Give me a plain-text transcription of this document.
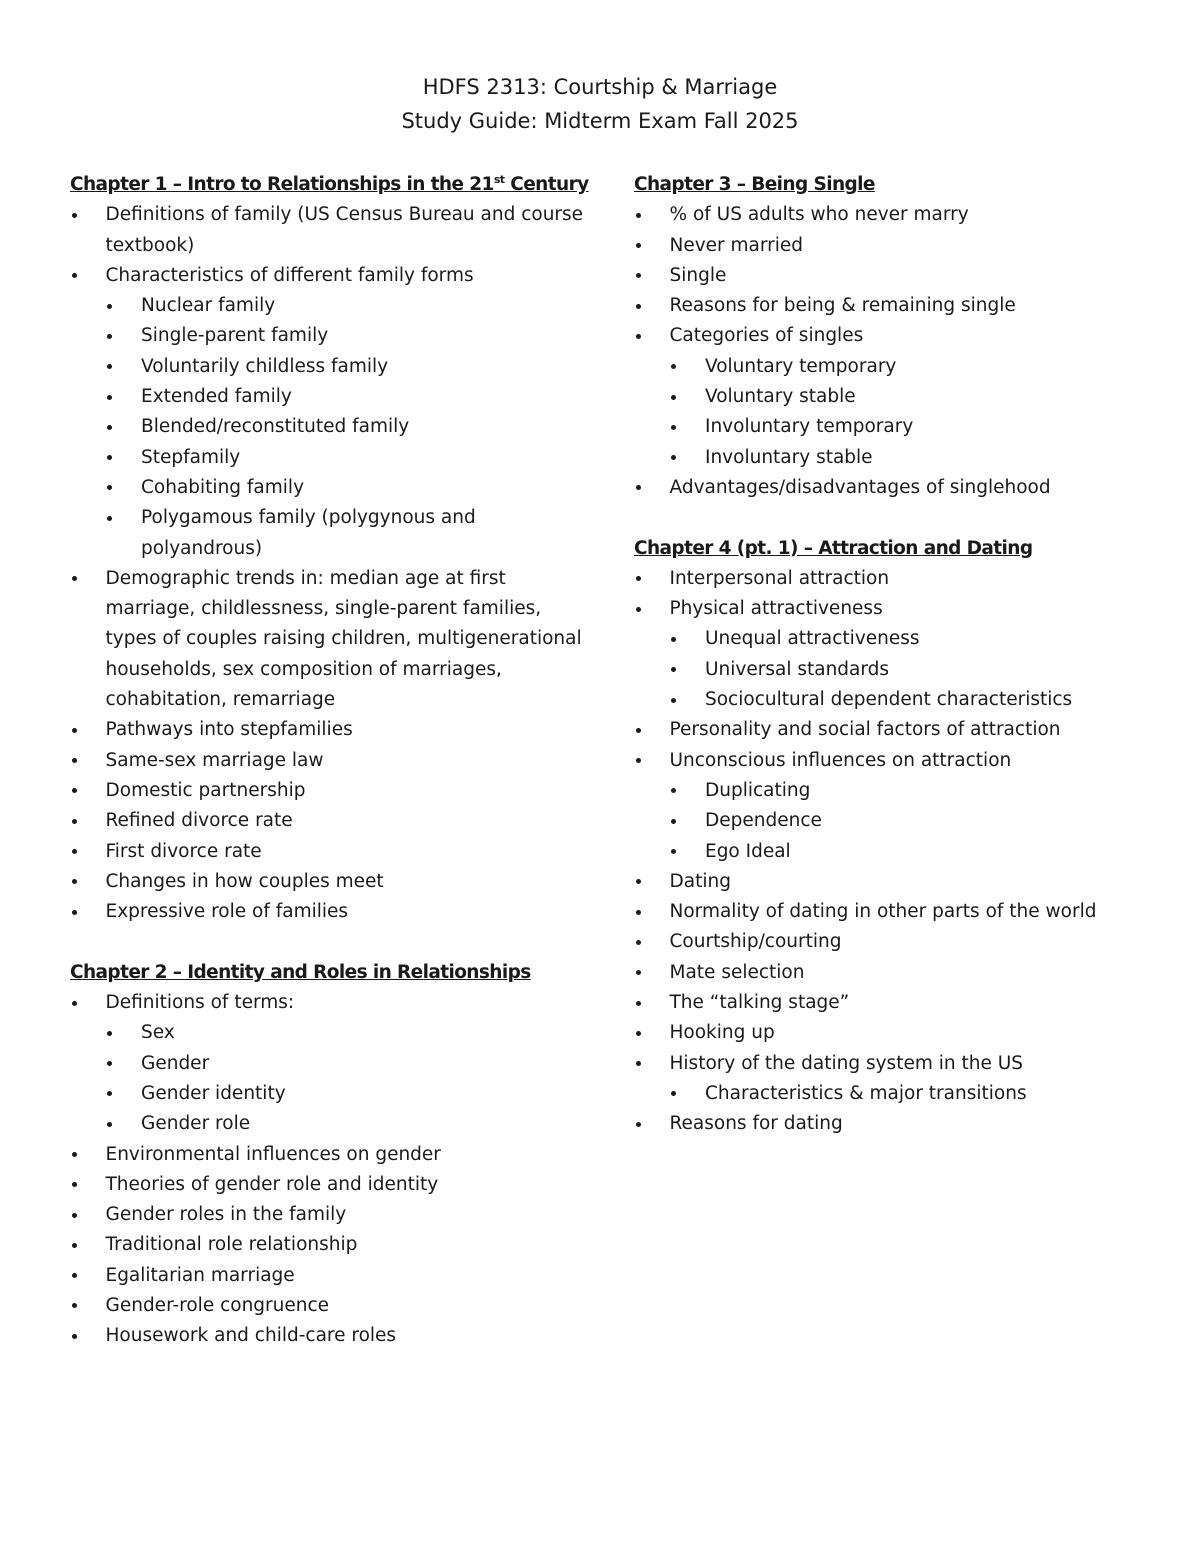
HDFS 2313: Courtship & Marriage
Study Guide: Midterm Exam Fall 2025
Chapter 1 – Intro to Relationships in the 21st Century
Definitions of family (US Census Bureau and course textbook)
Characteristics of different family forms
Nuclear family
Single-parent family
Voluntarily childless family
Extended family
Blended/reconstituted family
Stepfamily
Cohabiting family
Polygamous family (polygynous and polyandrous)
Demographic trends in: median age at first marriage, childlessness, single-parent families, types of couples raising children, multigenerational households, sex composition of marriages, cohabitation, remarriage
Pathways into stepfamilies
Same-sex marriage law
Domestic partnership
Refined divorce rate
First divorce rate
Changes in how couples meet
Expressive role of families
Chapter 2 – Identity and Roles in Relationships
Definitions of terms:
Sex
Gender
Gender identity
Gender role
Environmental influences on gender
Theories of gender role and identity
Gender roles in the family
Traditional role relationship
Egalitarian marriage
Gender-role congruence
Housework and child-care roles
Chapter 3 – Being Single
% of US adults who never marry
Never married
Single
Reasons for being & remaining single
Categories of singles
Voluntary temporary
Voluntary stable
Involuntary temporary
Involuntary stable
Advantages/disadvantages of singlehood
Chapter 4 (pt. 1) – Attraction and Dating
Interpersonal attraction
Physical attractiveness
Unequal attractiveness
Universal standards
Sociocultural dependent characteristics
Personality and social factors of attraction
Unconscious influences on attraction
Duplicating
Dependence
Ego Ideal
Dating
Normality of dating in other parts of the world
Courtship/courting
Mate selection
The “talking stage”
Hooking up
History of the dating system in the US
Characteristics & major transitions
Reasons for dating
